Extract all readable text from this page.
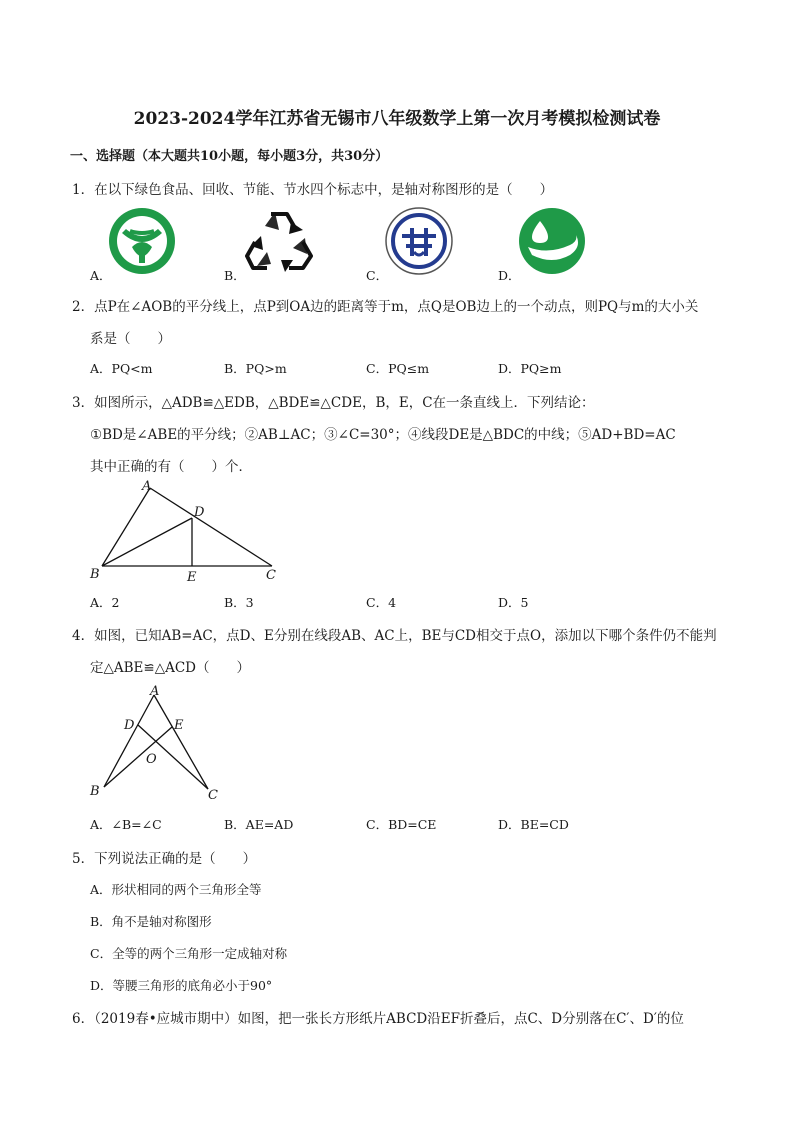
2023-2024学年江苏省无锡市八年级数学上第一次月考模拟检测试卷
一、选择题（本大题共10小题，每小题3分，共30分）
1．在以下绿色食品、回收、节能、节水四个标志中，是轴对称图形的是（　　）
A．	B．	C．	D．
2．点P在∠AOB的平分线上，点P到OA边的距离等于m，点Q是OB边上的一个动点，则PQ与m的大小关
系是（　　）
A．PQ<m	B．PQ>m	C．PQ≤m	D．PQ≥m
3．如图所示，△ADB≌△EDB，△BDE≌△CDE，B，E，C在一条直线上．下列结论：
①BD是∠ABE的平分线；②AB⊥AC；③∠C=30°；④线段DE是△BDC的中线；⑤AD+BD=AC
其中正确的有（　　）个．
A
B	C
D
E
A．2	B．3	C．4	D．5
4．如图，已知AB=AC，点D、E分别在线段AB、AC上，BE与CD相交于点O，添加以下哪个条件仍不能判
定△ABE≌△ACD（　　）
A
B	C
D	E
O
A．∠B=∠C	B．AE=AD	C．BD=CE	D．BE=CD
5．下列说法正确的是（　　）
A．形状相同的两个三角形全等
B．角不是轴对称图形
C．全等的两个三角形一定成轴对称
D．等腰三角形的底角必小于90°
6．（2019春•应城市期中）如图，把一张长方形纸片ABCD沿EF折叠后，点C、D分别落在C′、D′的位
